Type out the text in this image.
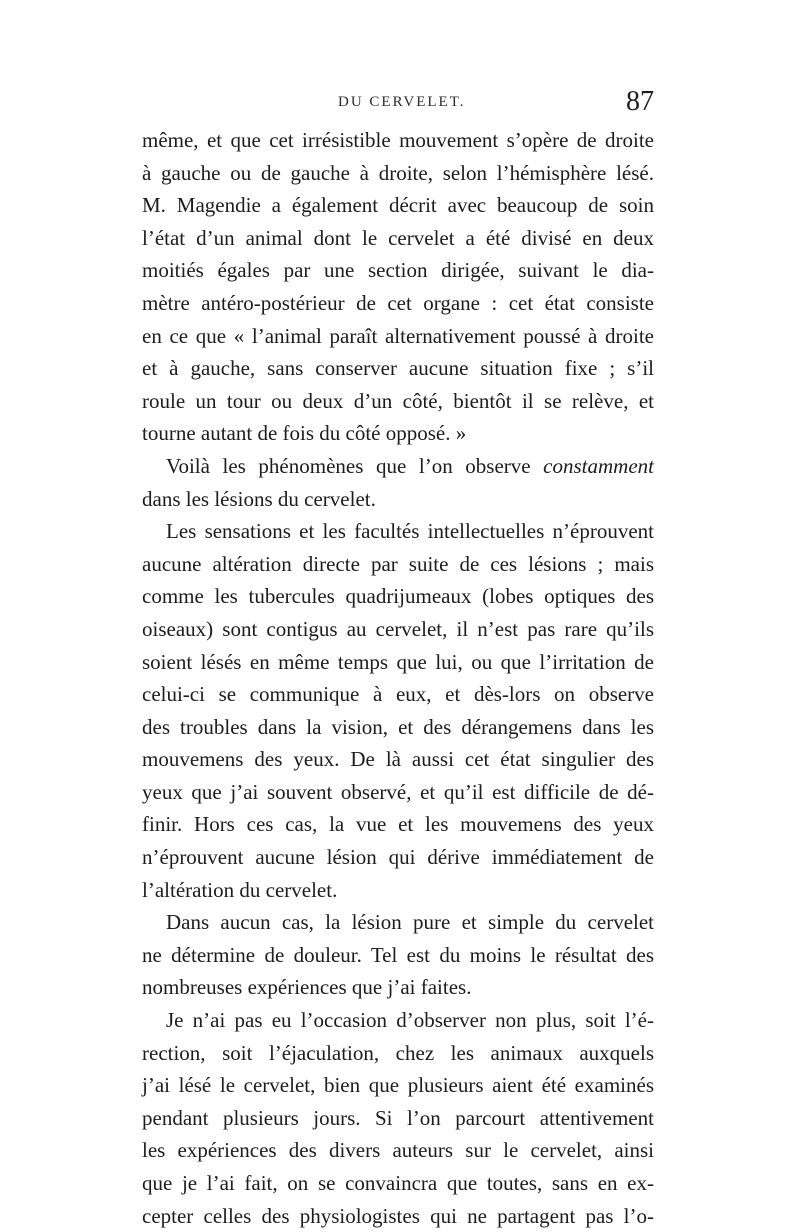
DU CERVELET.	87
même, et que cet irrésistible mouvement s’opère de droite
à gauche ou de gauche à droite, selon l’hémisphère lésé.
M. Magendie a également décrit avec beaucoup de soin
l’état d’un animal dont le cervelet a été divisé en deux
moitiés égales par une section dirigée, suivant le dia-
mètre antéro-postérieur de cet organe : cet état consiste
en ce que « l’animal paraît alternativement poussé à droite
et à gauche, sans conserver aucune situation fixe ; s’il
roule un tour ou deux d’un côté, bientôt il se relève, et
tourne autant de fois du côté opposé. »
Voilà les phénomènes que l’on observe constamment
dans les lésions du cervelet.
Les sensations et les facultés intellectuelles n’éprouvent
aucune altération directe par suite de ces lésions ; mais
comme les tubercules quadrijumeaux (lobes optiques des
oiseaux) sont contigus au cervelet, il n’est pas rare qu’ils
soient lésés en même temps que lui, ou que l’irritation de
celui-ci se communique à eux, et dès-lors on observe
des troubles dans la vision, et des dérangemens dans les
mouvemens des yeux. De là aussi cet état singulier des
yeux que j’ai souvent observé, et qu’il est difficile de dé-
finir. Hors ces cas, la vue et les mouvemens des yeux
n’éprouvent aucune lésion qui dérive immédiatement de
l’altération du cervelet.
Dans aucun cas, la lésion pure et simple du cervelet
ne détermine de douleur. Tel est du moins le résultat des
nombreuses expériences que j’ai faites.
Je n’ai pas eu l’occasion d’observer non plus, soit l’é-
rection, soit l’éjaculation, chez les animaux auxquels
j’ai lésé le cervelet, bien que plusieurs aient été examinés
pendant plusieurs jours. Si l’on parcourt attentivement
les expériences des divers auteurs sur le cervelet, ainsi
que je l’ai fait, on se convaincra que toutes, sans en ex-
cepter celles des physiologistes qui ne partagent pas l’o-
